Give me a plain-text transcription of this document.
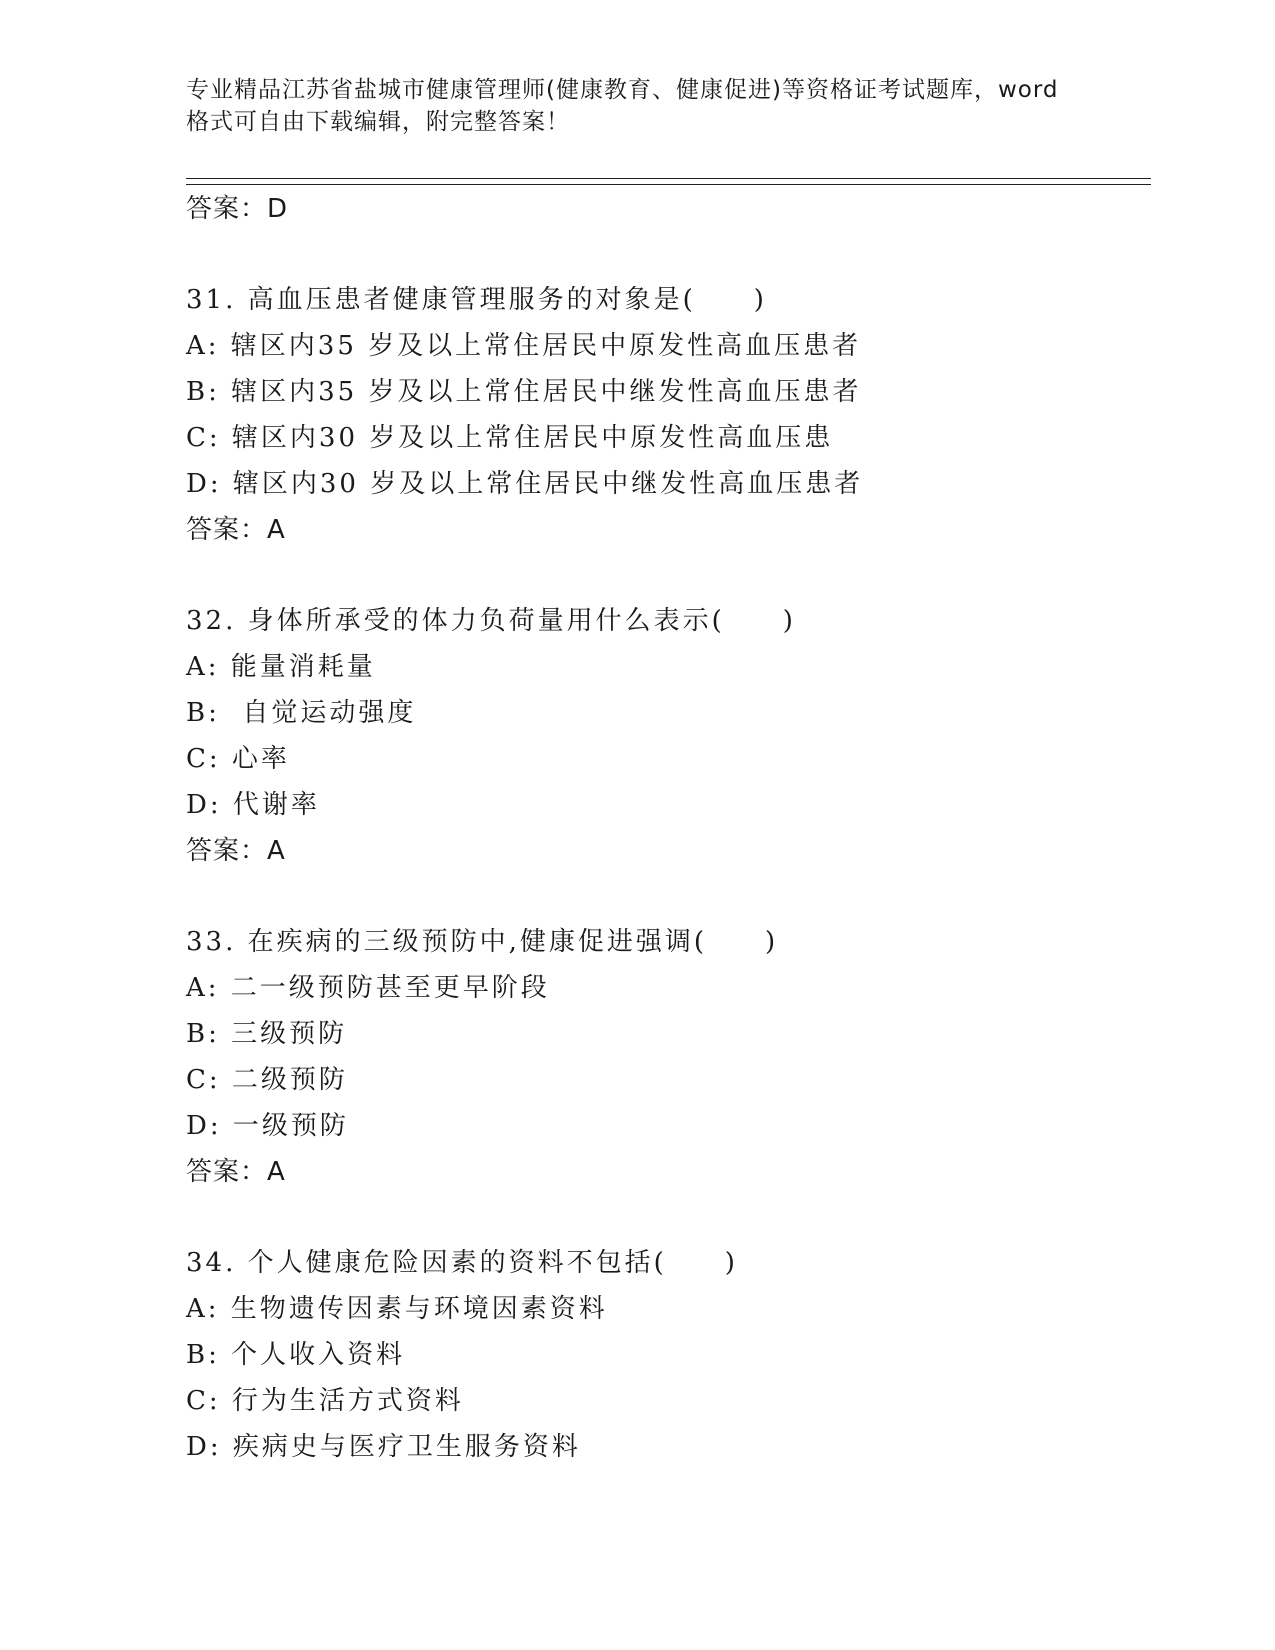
专业精品江苏省盐城市健康管理师(健康教育、健康促进)等资格证考试题库，word
格式可自由下载编辑，附完整答案！
答案：D
31. 高血压患者健康管理服务的对象是(　　)
A: 辖区内35 岁及以上常住居民中原发性高血压患者
B: 辖区内35 岁及以上常住居民中继发性高血压患者
C: 辖区内30 岁及以上常住居民中原发性高血压患
D: 辖区内30 岁及以上常住居民中继发性高血压患者
答案：A
32. 身体所承受的体力负荷量用什么表示(　　)
A: 能量消耗量
B:  自觉运动强度
C: 心率
D: 代谢率
答案：A
33. 在疾病的三级预防中,健康促进强调(　　)
A: 二一级预防甚至更早阶段
B: 三级预防
C: 二级预防
D: 一级预防
答案：A
34. 个人健康危险因素的资料不包括(　　)
A: 生物遗传因素与环境因素资料
B: 个人收入资料
C: 行为生活方式资料
D: 疾病史与医疗卫生服务资料
